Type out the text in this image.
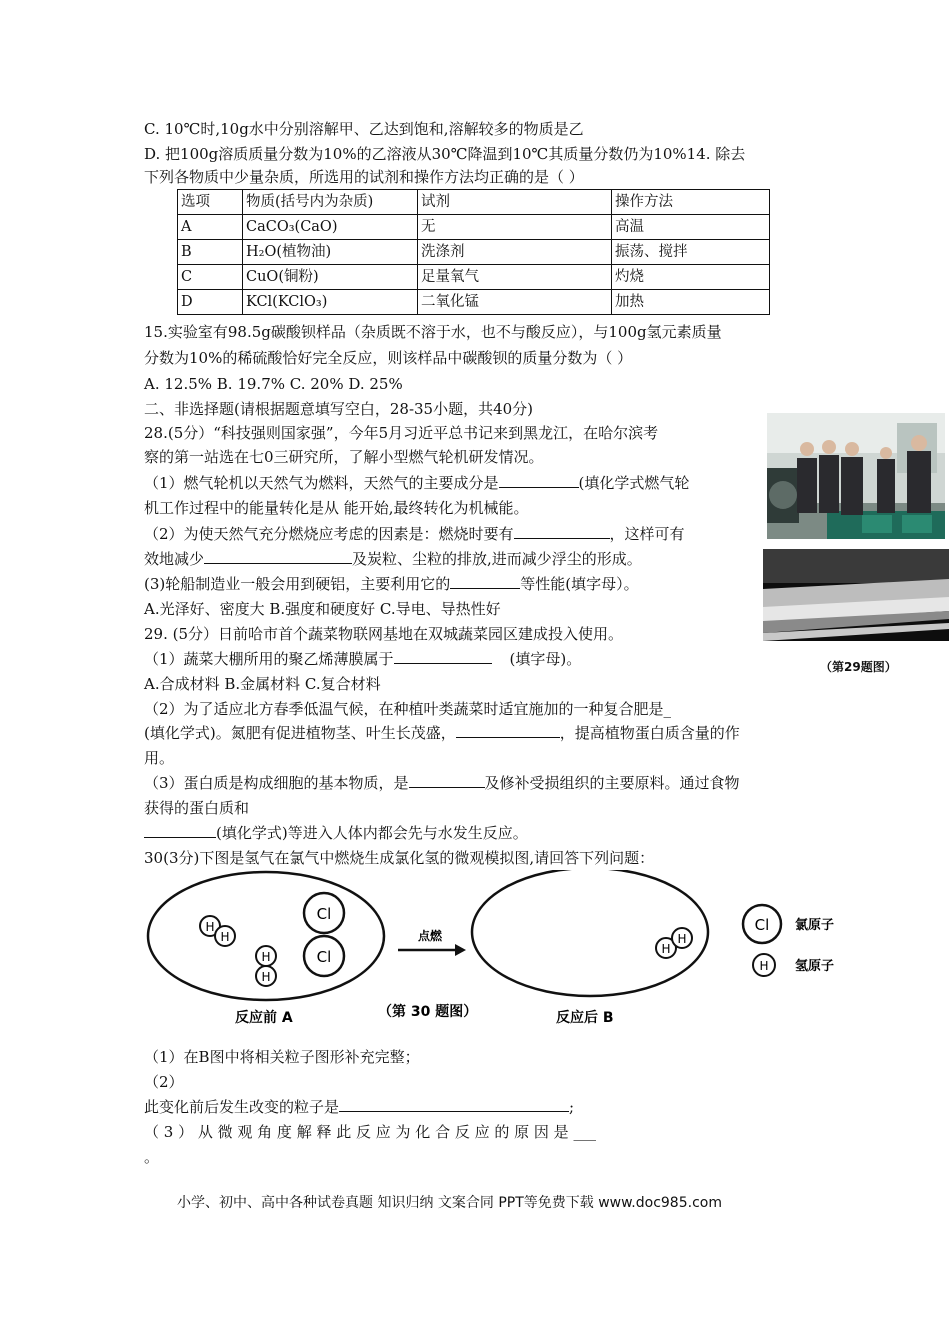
C. 10℃时,10g水中分别溶解甲、乙达到饱和,溶解较多的物质是乙
D. 把100g溶质质量分数为10%的乙溶液从30℃降温到10℃其质量分数仍为10%14. 除去
下列各物质中少量杂质，所选用的试剂和操作方法均正确的是（ ）
选项	物质(括号内为杂质)	试剂	操作方法
A	CaCO₃(CaO)	无	高温
B	H₂O(植物油)	洗涤剂	振荡、搅拌
C	CuO(铜粉)	足量氧气	灼烧
D	KCl(KClO₃)	二氧化锰	加热
15.实验室有98.5g碳酸钡样品（杂质既不溶于水，也不与酸反应），与100g氢元素质量
分数为10%的稀硫酸恰好完全反应，则该样品中碳酸钡的质量分数为（ ）
A. 12.5% B. 19.7% C. 20% D. 25%
二、非选择题(请根据题意填写空白，28-35小题，共40分)
28.(5分）“科技强则国家强”，今年5月习近平总书记来到黑龙江，在哈尔滨考
察的第一站选在七0三研究所，了解小型燃气轮机研发情况。
（1）燃气轮机以天然气为燃料，天然气的主要成分是	(填化学式燃气轮
机工作过程中的能量转化是从 能开始,最终转化为机械能。
（2）为使天然气充分燃烧应考虑的因素是：燃烧时要有	，这样可有
效地减少	及炭粒、尘粒的排放,进而减少浮尘的形成。
(3)轮船制造业一般会用到硬铝，主要利用它的	等性能(填字母）。
A.光泽好、密度大 B.强度和硬度好 C.导电、导热性好
29. (5分）日前哈市首个蔬菜物联网基地在双城蔬菜园区建成投入使用。
（1）蔬菜大棚所用的聚乙烯薄膜属于	(填字母)。
A.合成材料 B.金属材料 C.复合材料
（2）为了适应北方春季低温气候，在种植叶类蔬菜时适宜施加的一种复合肥是_
(填化学式)。氮肥有促进植物茎、叶生长茂盛，	，提高植物蛋白质含量的作
用。
（3）蛋白质是构成细胞的基本物质，是	及修补受损组织的主要原料。通过食物
获得的蛋白质和
(填化学式)等进入人体内都会先与水发生反应。
（第29题图）
30(3分)下图是氢气在氯气中燃烧生成氯化氢的微观模拟图,请回答下列问题：
H
H
H
H
Cl
Cl
点燃
H
H
Cl 氯原子
H 氢原子
反应前 A	（第 30 题图）	反应后 B
（1）在B图中将相关粒子图形补充完整；
（2）
此变化前后发生改变的粒子是	;
（ 3 ） 从 微 观 角 度 解 释 此 反 应 为 化 合 反 应 的 原 因 是 ___
。
小学、初中、高中各种试卷真题 知识归纳 文案合同 PPT等免费下载 www.doc985.com
